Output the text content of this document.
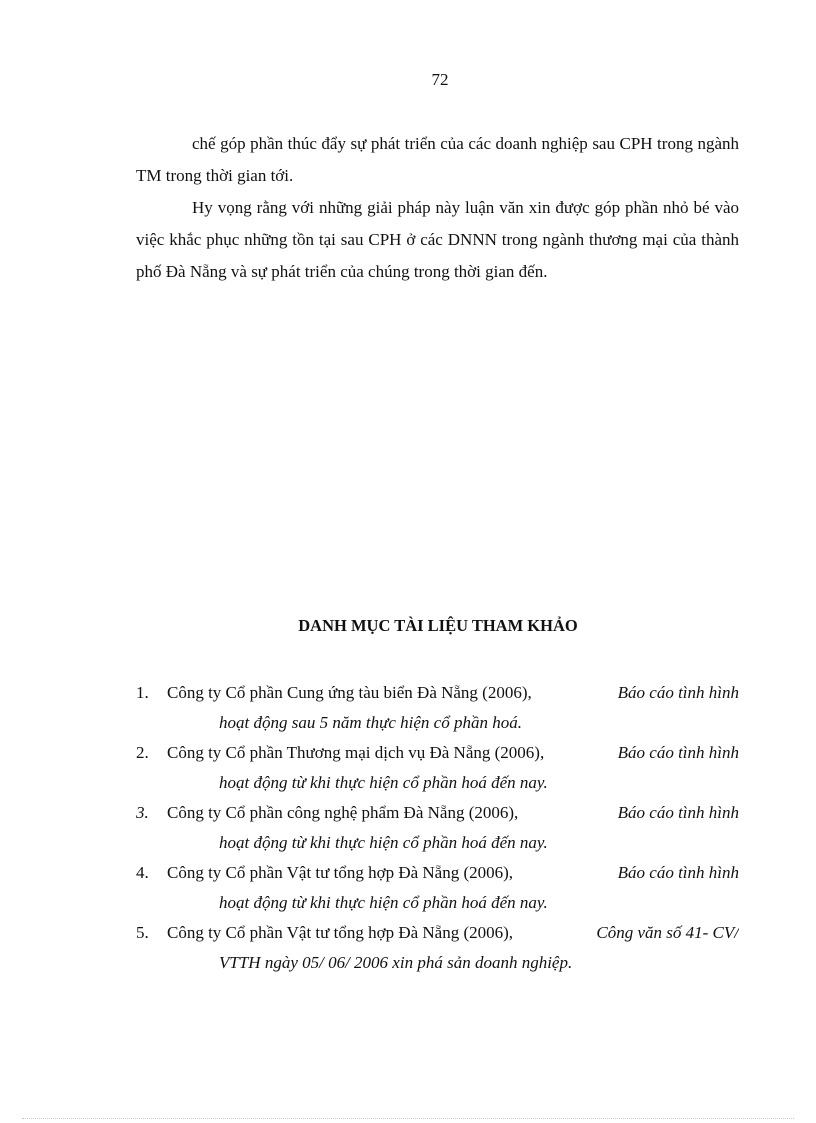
72

chế góp phần thúc đẩy sự phát triển của các doanh nghiệp sau CPH trong ngành TM trong thời gian tới.

Hy vọng rằng với những giải pháp này luận văn xin được góp phần nhỏ bé vào việc khắc phục những tồn tại sau CPH ở các DNNN trong ngành thương mại của thành phố Đà Nẵng và sự phát triển của chúng trong thời gian đến.

DANH MỤC TÀI LIỆU THAM KHẢO
1. Công ty Cổ phần Cung ứng tàu biển Đà Nẵng (2006),	Báo cáo tình hình
hoạt động sau 5 năm thực hiện cổ phần hoá.
2. Công ty Cổ phần Thương mại dịch vụ Đà Nẵng (2006),	Báo cáo tình hình
hoạt động từ khi thực hiện cổ phần hoá đến nay.
3. Công ty Cổ phần công nghệ phẩm Đà Nẵng (2006),	Báo cáo tình hình
hoạt động từ khi thực hiện cổ phần hoá đến nay.
4. Công ty Cổ phần Vật tư tổng hợp Đà Nẵng (2006),	Báo cáo tình hình
hoạt động từ khi thực hiện cổ phần hoá đến nay.
5. Công ty Cổ phần Vật tư tổng hợp Đà Nẵng (2006),	Công văn số 41- CV/
VTTH ngày 05/ 06/ 2006 xin phá sản doanh nghiệp.
